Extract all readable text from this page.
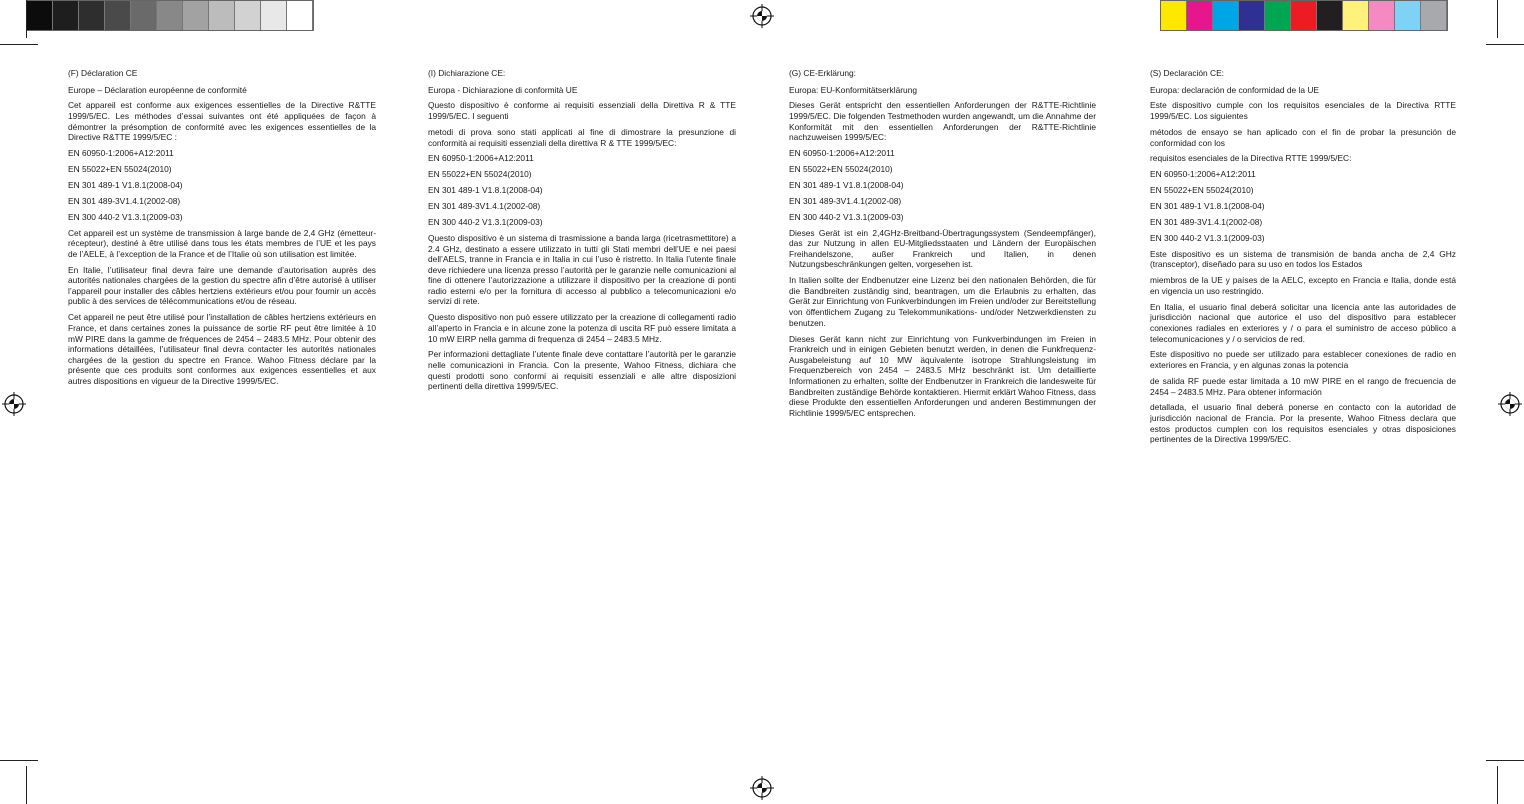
(F) Déclaration CE

Europe – Déclaration européenne de conformité

Cet appareil est conforme aux exigences essentielles de la Directive R&TTE 1999/5/EC. Les méthodes d’essai suivantes ont été appliquées de façon à démontrer la présomption de conformité avec les exigences essentielles de la Directive R&TTE 1999/5/EC :

EN 60950-1:2006+A12:2011

EN 55022+EN 55024(2010)

EN 301 489-1 V1.8.1(2008-04)

EN 301 489-3V1.4.1(2002-08)

EN 300 440-2 V1.3.1(2009-03)

Cet appareil est un système de transmission à large bande de 2,4 GHz (émetteur-récepteur), destiné à être utilisé dans tous les états membres de l’UE et les pays de l’AELE, à l’exception de la France et de l’Italie où son utilisation est limitée.

En Italie, l’utilisateur final devra faire une demande d’autorisation auprès des autorités nationales chargées de la gestion du spectre afin d’être autorisé à utiliser l’appareil pour installer des câbles hertziens extérieurs et/ou pour fournir un accès public à des services de télécommunications et/ou de réseau.

Cet appareil ne peut être utilisé pour l’installation de câbles hertziens extérieurs en France, et dans certaines zones la puissance de sortie RF peut être limitée à 10 mW PIRE dans la gamme de fréquences de 2454 – 2483.5 MHz. Pour obtenir des informations détaillées, l’utilisateur final devra contacter les autorités nationales chargées de la gestion du spectre en France. Wahoo Fitness déclare par la présente que ces produits sont conformes aux exigences essentielles et aux autres dispositions en vigueur de la Directive 1999/5/EC.

(I) Dichiarazione CE:

Europa - Dichiarazione di conformità UE

Questo dispositivo è conforme ai requisiti essenziali della Direttiva R & TTE 1999/5/EC. I seguenti

metodi di prova sono stati applicati al fine di dimostrare la presunzione di conformità ai requisiti essenziali della direttiva R & TTE 1999/5/EC:

EN 60950-1:2006+A12:2011

EN 55022+EN 55024(2010)

EN 301 489-1 V1.8.1(2008-04)

EN 301 489-3V1.4.1(2002-08)

EN 300 440-2 V1.3.1(2009-03)

Questo dispositivo è un sistema di trasmissione a banda larga (ricetrasmettitore) a 2.4 GHz, destinato a essere utilizzato in tutti gli Stati membri dell’UE e nei paesi dell’AELS, tranne in Francia e in Italia in cui l’uso è ristretto. In Italia l’utente finale deve richiedere una licenza presso l’autorità per le garanzie nelle comunicazioni al fine di ottenere l’autorizzazione a utilizzare il dispositivo per la creazione di ponti radio esterni e/o per la fornitura di accesso al pubblico a telecomunicazioni e/o servizi di rete.

Questo dispositivo non può essere utilizzato per la creazione di collegamenti radio all’aperto in Francia e in alcune zone la potenza di uscita RF può essere limitata a 10 mW EIRP nella gamma di frequenza di 2454 – 2483.5 MHz.

Per informazioni dettagliate l’utente finale deve contattare l’autorità per le garanzie nelle comunicazioni in Francia. Con la presente, Wahoo Fitness, dichiara che questi prodotti sono conformi ai requisiti essenziali e alle altre disposizioni pertinenti della direttiva 1999/5/EC.

(G) CE-Erklärung:

Europa: EU-Konformitätserklärung

Dieses Gerät entspricht den essentiellen Anforderungen der R&TTE-Richtlinie 1999/5/EC. Die folgenden Testmethoden wurden angewandt, um die Annahme der Konformität mit den essentiellen Anforderungen der R&TTE-Richtlinie nachzuweisen 1999/5/EC:

EN 60950-1:2006+A12:2011

EN 55022+EN 55024(2010)

EN 301 489-1 V1.8.1(2008-04)

EN 301 489-3V1.4.1(2002-08)

EN 300 440-2 V1.3.1(2009-03)

Dieses Gerät ist ein 2,4GHz-Breitband-Übertragungssystem (Sendeempfänger), das zur Nutzung in allen EU-Mitgliedsstaaten und Ländern der Europäischen Freihandelszone, außer Frankreich und Italien, in denen Nutzungsbeschränkungen gelten, vorgesehen ist.

In Italien sollte der Endbenutzer eine Lizenz bei den nationalen Behörden, die für die Bandbreiten zuständig sind, beantragen, um die Erlaubnis zu erhalten, das Gerät zur Einrichtung von Funkverbindungen im Freien und/oder zur Bereitstellung von öffentlichem Zugang zu Telekommunikations- und/oder Netzwerkdiensten zu benutzen.

Dieses Gerät kann nicht zur Einrichtung von Funkverbindungen im Freien in Frankreich und in einigen Gebieten benutzt werden, in denen die Funkfrequenz-Ausgabeleistung auf 10 MW äquivalente isotrope Strahlungsleistung im Frequenzbereich von 2454 – 2483.5 MHz beschränkt ist. Um detaillierte Informationen zu erhalten, sollte der Endbenutzer in Frankreich die landesweite für Bandbreiten zuständige Behörde kontaktieren. Hiermit erklärt Wahoo Fitness, dass diese Produkte den essentiellen Anforderungen und anderen Bestimmungen der Richtlinie 1999/5/EC entsprechen.

(S) Declaración CE:

Europa: declaración de conformidad de la UE

Este dispositivo cumple con los requisitos esenciales de la Directiva RTTE 1999/5/EC. Los siguientes

métodos de ensayo se han aplicado con el fin de probar la presunción de conformidad con los

requisitos esenciales de la Directiva RTTE 1999/5/EC:

EN 60950-1:2006+A12:2011

EN 55022+EN 55024(2010)

EN 301 489-1 V1.8.1(2008-04)

EN 301 489-3V1.4.1(2002-08)

EN 300 440-2 V1.3.1(2009-03)

Este dispositivo es un sistema de transmisión de banda ancha de 2,4 GHz (transceptor), diseñado para su uso en todos los Estados

miembros de la UE y países de la AELC, excepto en Francia e Italia, donde está en vigencia un uso restringido.

En Italia, el usuario final deberá solicitar una licencia ante las autoridades de jurisdicción nacional que autorice el uso del dispositivo para establecer conexiones radiales en exteriores y / o para el suministro de acceso público a telecomunicaciones y / o servicios de red.

Este dispositivo no puede ser utilizado para establecer conexiones de radio en exteriores en Francia, y en algunas zonas la potencia

de salida RF puede estar limitada a 10 mW PIRE en el rango de frecuencia de 2454 – 2483.5 MHz. Para obtener información

detallada, el usuario final deberá ponerse en contacto con la autoridad de jurisdicción nacional de Francia. Por la presente, Wahoo Fitness declara que estos productos cumplen con los requisitos esenciales y otras disposiciones pertinentes de la Directiva 1999/5/EC.
